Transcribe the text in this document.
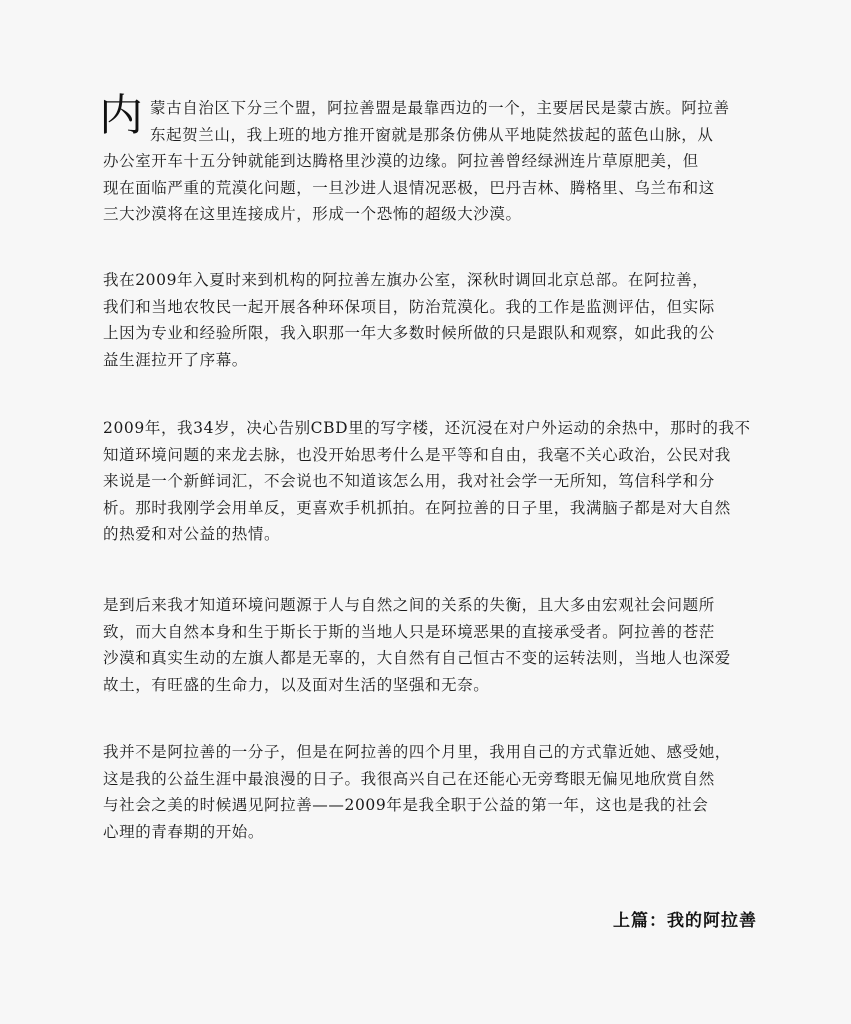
内 蒙古自治区下分三个盟，阿拉善盟是最靠西边的一个，主要居民是蒙古族。阿拉善
东起贺兰山，我上班的地方推开窗就是那条仿佛从平地陡然拔起的蓝色山脉，从
办公室开车十五分钟就能到达腾格里沙漠的边缘。阿拉善曾经绿洲连片草原肥美，但
现在面临严重的荒漠化问题，一旦沙进人退情况恶极，巴丹吉林、腾格里、乌兰布和这
三大沙漠将在这里连接成片，形成一个恐怖的超级大沙漠。

我在2009年入夏时来到机构的阿拉善左旗办公室，深秋时调回北京总部。在阿拉善，
我们和当地农牧民一起开展各种环保项目，防治荒漠化。我的工作是监测评估，但实际
上因为专业和经验所限，我入职那一年大多数时候所做的只是跟队和观察，如此我的公
益生涯拉开了序幕。

2009年，我34岁，决心告别CBD里的写字楼，还沉浸在对户外运动的余热中，那时的我不
知道环境问题的来龙去脉，也没开始思考什么是平等和自由，我毫不关心政治，公民对我
来说是一个新鲜词汇，不会说也不知道该怎么用，我对社会学一无所知，笃信科学和分
析。那时我刚学会用单反，更喜欢手机抓拍。在阿拉善的日子里，我满脑子都是对大自然
的热爱和对公益的热情。

是到后来我才知道环境问题源于人与自然之间的关系的失衡，且大多由宏观社会问题所
致，而大自然本身和生于斯长于斯的当地人只是环境恶果的直接承受者。阿拉善的苍茫
沙漠和真实生动的左旗人都是无辜的，大自然有自己恒古不变的运转法则，当地人也深爱
故土，有旺盛的生命力，以及面对生活的坚强和无奈。

我并不是阿拉善的一分子，但是在阿拉善的四个月里，我用自己的方式靠近她、感受她，
这是我的公益生涯中最浪漫的日子。我很高兴自己在还能心无旁骛眼无偏见地欣赏自然
与社会之美的时候遇见阿拉善——2009年是我全职于公益的第一年，这也是我的社会
心理的青春期的开始。

上篇：我的阿拉善
